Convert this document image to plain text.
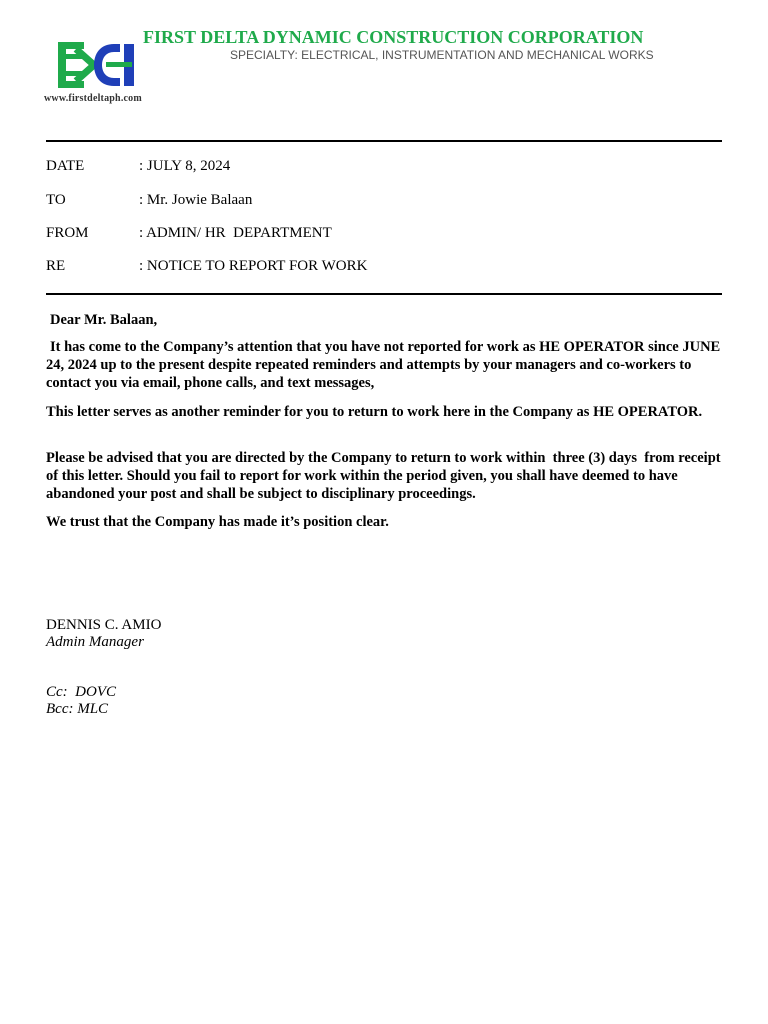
www.firstdeltaph.com
FIRST DELTA DYNAMIC CONSTRUCTION CORPORATION
SPECIALTY: ELECTRICAL, INSTRUMENTATION AND MECHANICAL WORKS
DATE	: JULY 8, 2024
TO	: Mr. Jowie Balaan
FROM	: ADMIN/ HR  DEPARTMENT
RE	: NOTICE TO REPORT FOR WORK
Dear Mr. Balaan,
It has come to the Company’s attention that you have not reported for work as HE OPERATOR since JUNE 24, 2024 up to the present despite repeated reminders and attempts by your managers and co-workers to contact you via email, phone calls, and text messages,
This letter serves as another reminder for you to return to work here in the Company as HE OPERATOR.
Please be advised that you are directed by the Company to return to work within  three (3) days  from receipt of this letter. Should you fail to report for work within the period given, you shall have deemed to have abandoned your post and shall be subject to disciplinary proceedings.
We trust that the Company has made it’s position clear.
DENNIS C. AMIO
Admin Manager
Cc:  DOVC
Bcc: MLC
